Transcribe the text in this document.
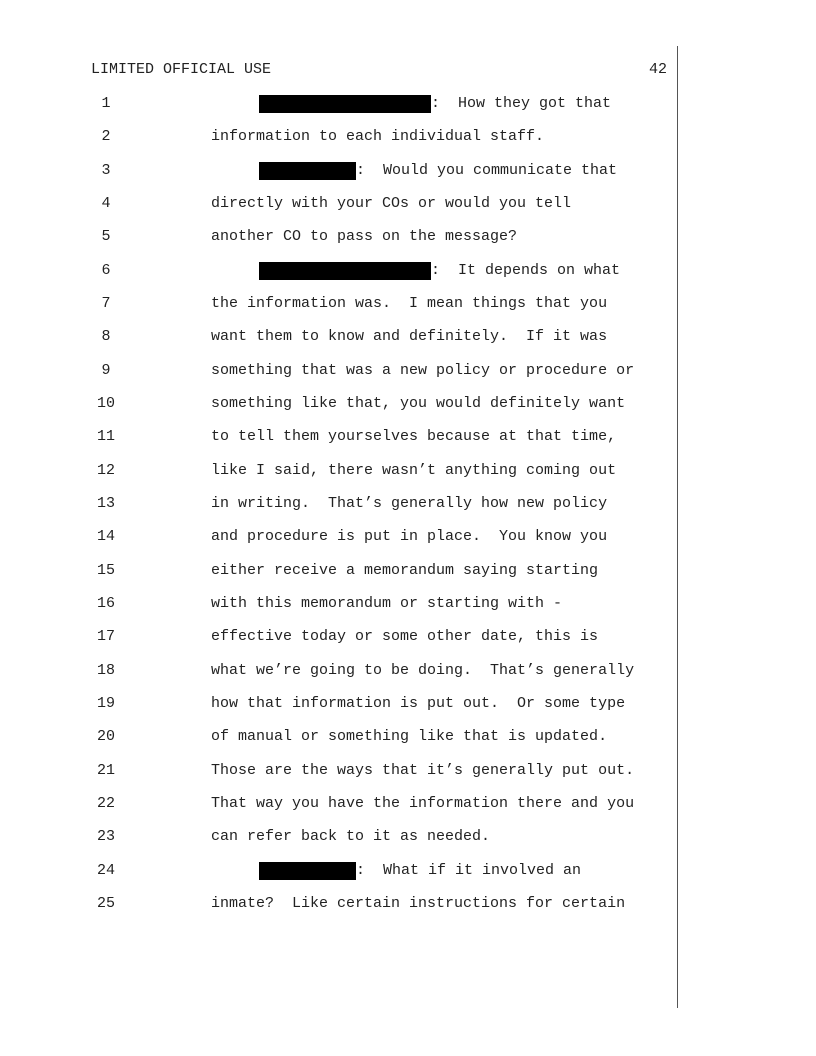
LIMITED OFFICIAL USE	42
1	:  How they got that
2	information to each individual staff.
3	:  Would you communicate that
4	directly with your COs or would you tell
5	another CO to pass on the message?
6	:  It depends on what
7	the information was.  I mean things that you
8	want them to know and definitely.  If it was
9	something that was a new policy or procedure or
10	something like that, you would definitely want
11	to tell them yourselves because at that time,
12	like I said, there wasn’t anything coming out
13	in writing.  That’s generally how new policy
14	and procedure is put in place.  You know you
15	either receive a memorandum saying starting
16	with this memorandum or starting with -
17	effective today or some other date, this is
18	what we’re going to be doing.  That’s generally
19	how that information is put out.  Or some type
20	of manual or something like that is updated.
21	Those are the ways that it’s generally put out.
22	That way you have the information there and you
23	can refer back to it as needed.
24	:  What if it involved an
25	inmate?  Like certain instructions for certain
